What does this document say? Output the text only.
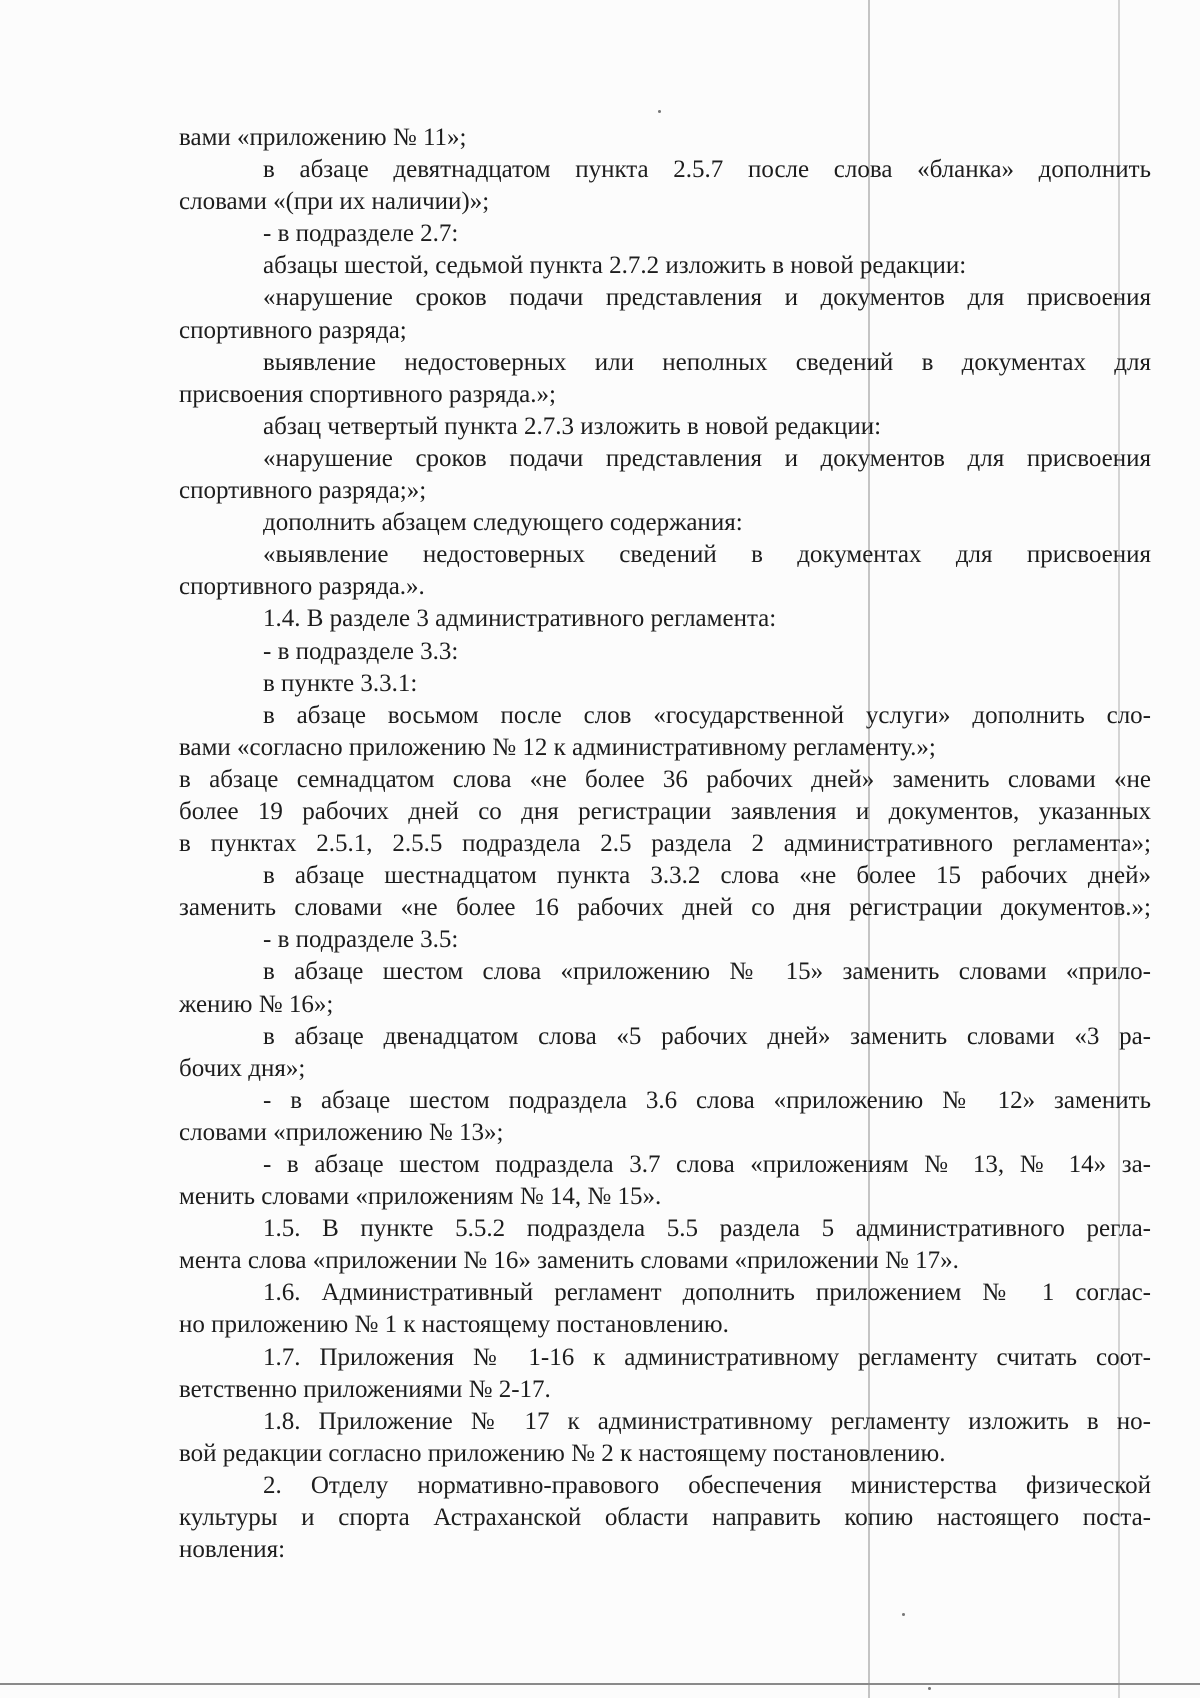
вами «приложению № 11»;
в абзаце девятнадцатом пункта 2.5.7 после слова «бланка» дополнить
словами «(при их наличии)»;
- в подразделе 2.7:
абзацы шестой, седьмой пункта 2.7.2 изложить в новой редакции:
«нарушение сроков подачи представления и документов для присвоения
спортивного разряда;
выявление недостоверных или неполных сведений в документах для
присвоения спортивного разряда.»;
абзац четвертый пункта 2.7.3 изложить в новой редакции:
«нарушение сроков подачи представления и документов для присвоения
спортивного разряда;»;
дополнить абзацем следующего содержания:
«выявление недостоверных сведений в документах для присвоения
спортивного разряда.».
1.4. В разделе 3 административного регламента:
- в подразделе 3.3:
в пункте 3.3.1:
в абзаце восьмом после слов «государственной услуги» дополнить сло-
вами «согласно приложению № 12 к административному регламенту.»;
в абзаце семнадцатом слова «не более 36 рабочих дней» заменить словами «не
более 19 рабочих дней со дня регистрации заявления и документов, указанных
в пунктах 2.5.1, 2.5.5 подраздела 2.5 раздела 2 административного регламента»;
в абзаце шестнадцатом пункта 3.3.2 слова «не более 15 рабочих дней»
заменить словами «не более 16 рабочих дней со дня регистрации документов.»;
- в подразделе 3.5:
в абзаце шестом слова «приложению № 15» заменить словами «прило-
жению № 16»;
в абзаце двенадцатом слова «5 рабочих дней» заменить словами «3 ра-
бочих дня»;
- в абзаце шестом подраздела 3.6 слова «приложению № 12» заменить
словами «приложению № 13»;
- в абзаце шестом подраздела 3.7 слова «приложениям № 13, № 14» за-
менить словами «приложениям № 14, № 15».
1.5. В пункте 5.5.2 подраздела 5.5 раздела 5 административного регла-
мента слова «приложении № 16» заменить словами «приложении № 17».
1.6. Административный регламент дополнить приложением № 1 соглас-
но приложению № 1 к настоящему постановлению.
1.7. Приложения № 1-16 к административному регламенту считать соот-
ветственно приложениями № 2-17.
1.8. Приложение № 17 к административному регламенту изложить в но-
вой редакции согласно приложению № 2 к настоящему постановлению.
2. Отделу нормативно-правового обеспечения министерства физической
культуры и спорта Астраханской области направить копию настоящего поста-
новления:
